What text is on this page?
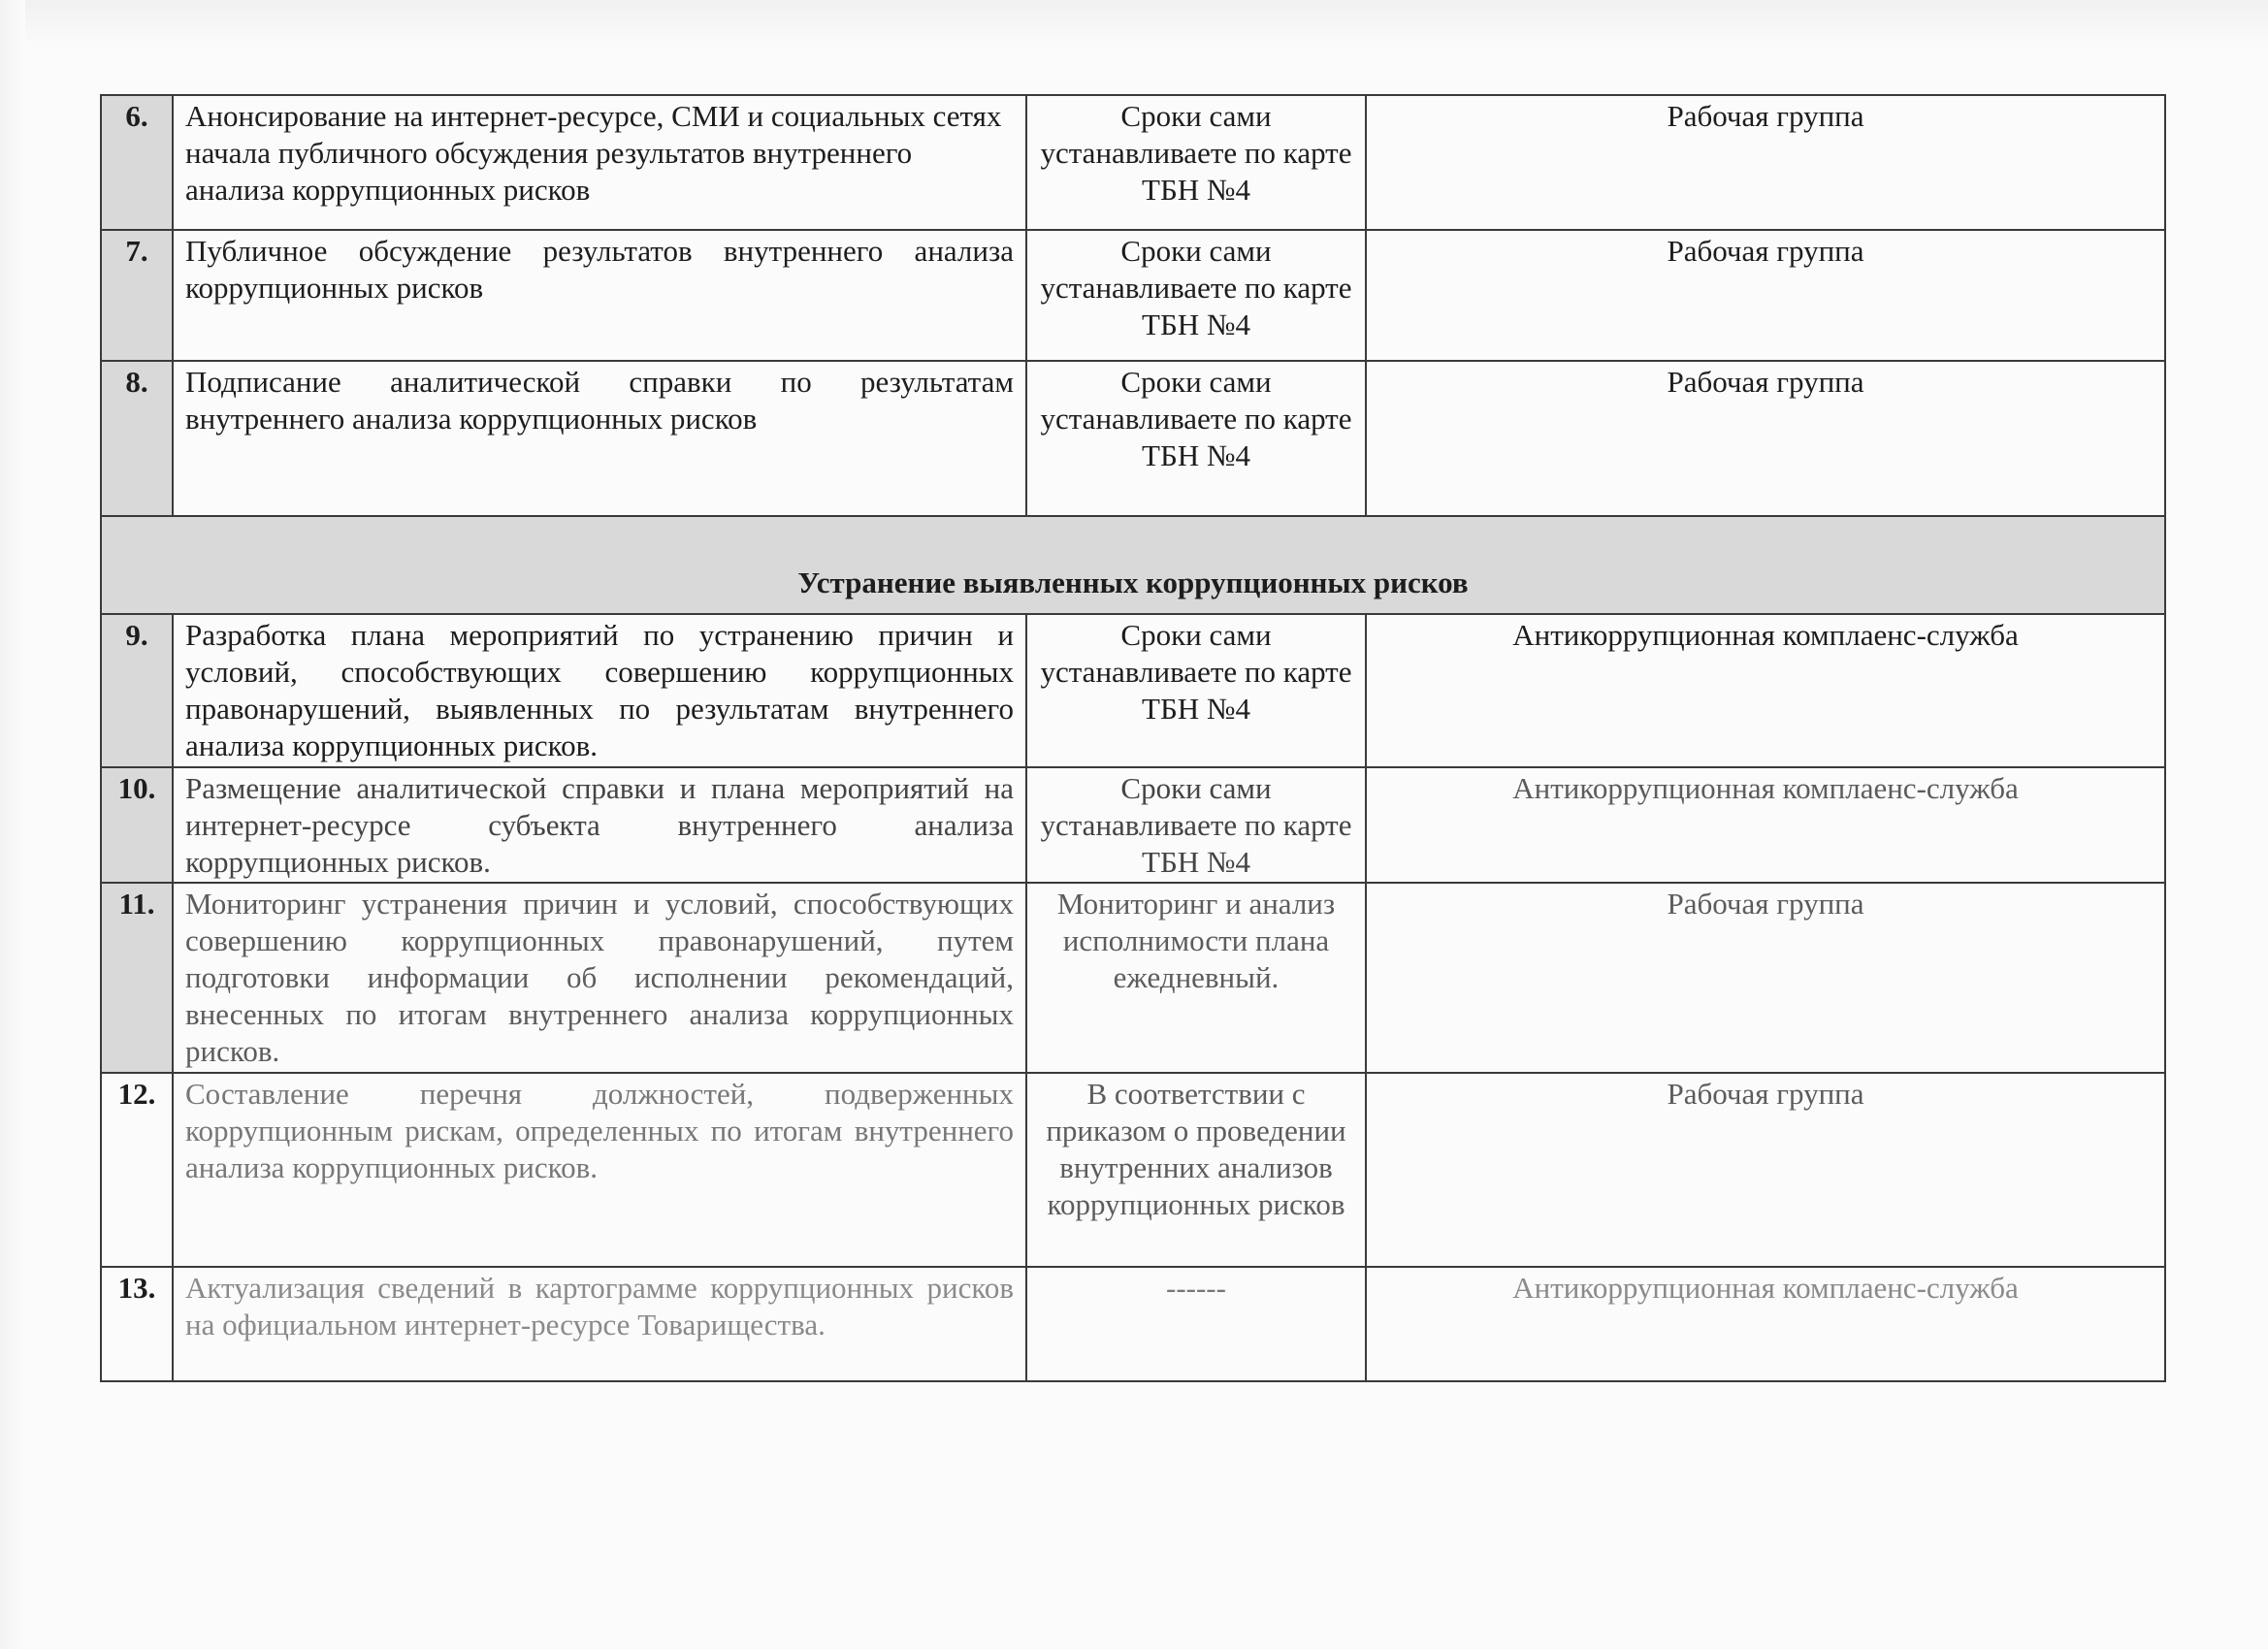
6.	Анонсирование на интернет-ресурсе, СМИ и социальных сетях начала публичного обсуждения результатов внутреннего анализа коррупционных рисков	Сроки сами устанавливаете по карте ТБН №4	Рабочая группа
7.	Публичное обсуждение результатов внутреннего анализа коррупционных рисков	Сроки сами устанавливаете по карте ТБН №4	Рабочая группа
8.	Подписание аналитической справки по результатам внутреннего анализа коррупционных рисков	Сроки сами устанавливаете по карте ТБН №4	Рабочая группа
Устранение выявленных коррупционных рисков			
9.	Разработка плана мероприятий по устранению причин и условий, способствующих совершению коррупционных правонарушений, выявленных по результатам внутреннего анализа коррупционных рисков.	Сроки сами устанавливаете по карте ТБН №4	Антикоррупционная комплаенс-служба
10.	Размещение аналитической справки и плана мероприятий на интернет-ресурсе субъекта внутреннего анализа коррупционных рисков.	Сроки сами устанавливаете по карте ТБН №4	Антикоррупционная комплаенс-служба
11.	Мониторинг устранения причин и условий, способствующих совершению коррупционных правонарушений, путем подготовки информации об исполнении рекомендаций, внесенных по итогам внутреннего анализа коррупционных рисков.	Мониторинг и анализ исполнимости плана ежедневный.	Рабочая группа
12.	Составление перечня должностей, подверженных коррупционным рискам, определенных по итогам внутреннего анализа коррупционных рисков.	В соответствии с приказом о проведении внутренних анализов коррупционных рисков	Рабочая группа
13.	Актуализация сведений в картограмме коррупционных рисков на официальном интернет-ресурсе Товарищества.	------	Антикоррупционная комплаенс-служба
